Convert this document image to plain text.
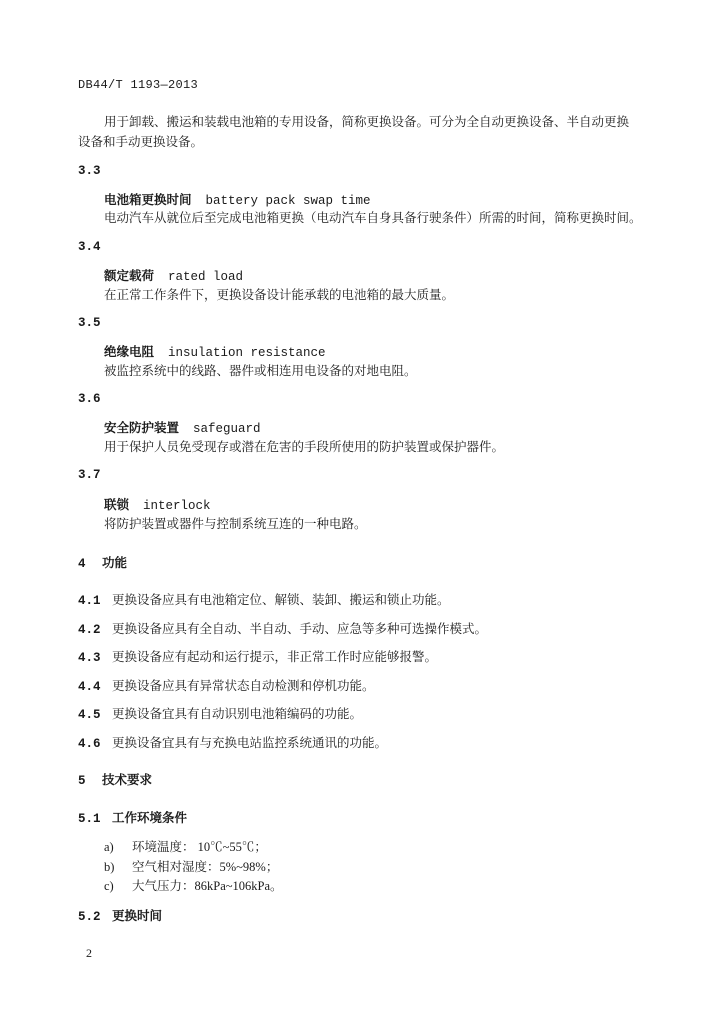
DB44/T 1193—2013
用于卸载、搬运和装载电池箱的专用设备，简称更换设备。可分为全自动更换设备、半自动更换
设备和手动更换设备。
3.3
电池箱更换时间 battery pack swap time
电动汽车从就位后至完成电池箱更换（电动汽车自身具备行驶条件）所需的时间，简称更换时间。
3.4
额定载荷 rated load
在正常工作条件下，更换设备设计能承载的电池箱的最大质量。
3.5
绝缘电阻 insulation resistance
被监控系统中的线路、器件或相连用电设备的对地电阻。
3.6
安全防护装置 safeguard
用于保护人员免受现存或潜在危害的手段所使用的防护装置或保护器件。
3.7
联锁 interlock
将防护装置或器件与控制系统互连的一种电路。
4 功能
4.1 更换设备应具有电池箱定位、解锁、装卸、搬运和锁止功能。
4.2 更换设备应具有全自动、半自动、手动、应急等多种可选操作模式。
4.3 更换设备应有起动和运行提示，非正常工作时应能够报警。
4.4 更换设备应具有异常状态自动检测和停机功能。
4.5 更换设备宜具有自动识别电池箱编码的功能。
4.6 更换设备宜具有与充换电站监控系统通讯的功能。
5 技术要求
5.1 工作环境条件
a) 环境温度： 10℃~55℃；
b) 空气相对湿度：5%~98%；
c) 大气压力：86kPa~106kPa。
5.2 更换时间
2
